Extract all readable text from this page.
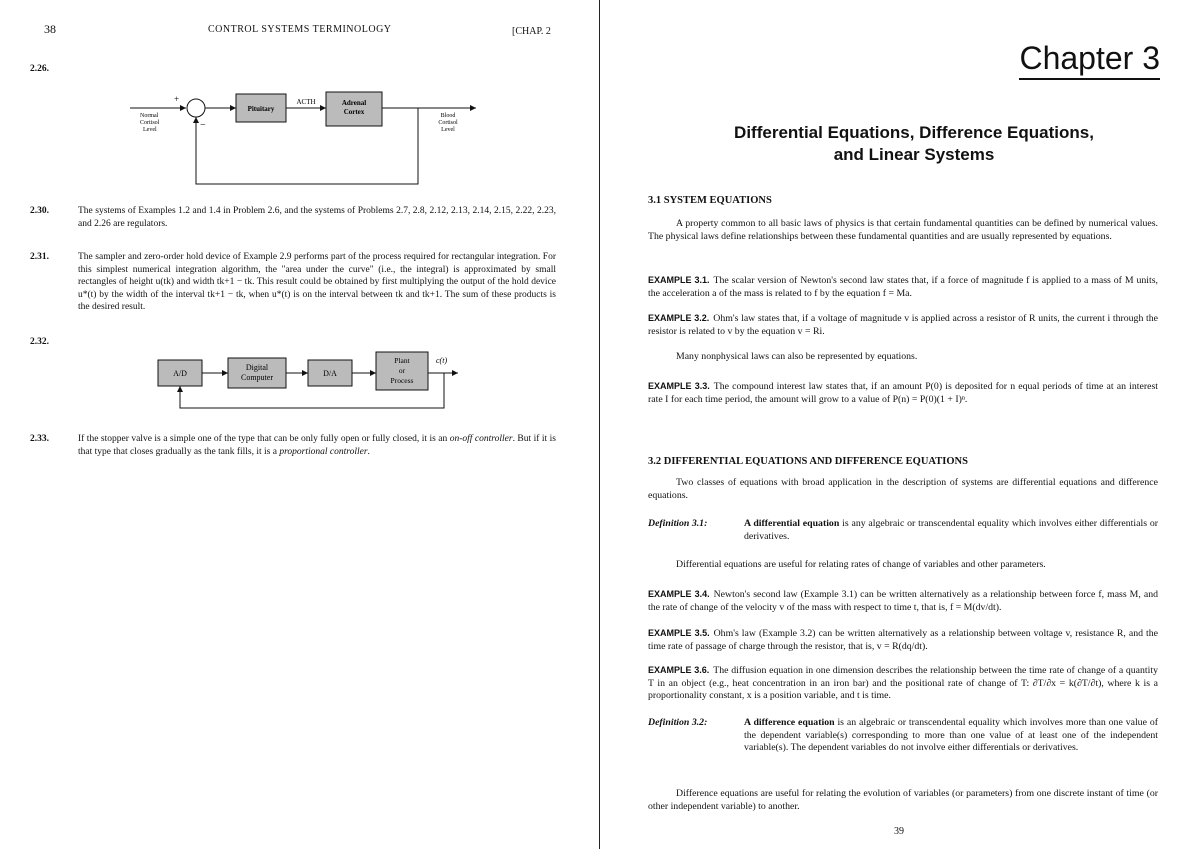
38	CONTROL SYSTEMS TERMINOLOGY	[CHAP. 2
2.26.
Normal
Cortisol
Level
+
−
Pituitary
ACTH	Adrenal
Cortex	Blood
Cortisol
Level
2.30.	The systems of Examples 1.2 and 1.4 in Problem 2.6, and the systems of Problems 2.7, 2.8, 2.12, 2.13, 2.14, 2.15, 2.22, 2.23, and 2.26 are regulators.

2.31.	The sampler and zero-order hold device of Example 2.9 performs part of the process required for rectangular integration. For this simplest numerical integration algorithm, the "area under the curve" (i.e., the integral) is approximated by small rectangles of height u(tk) and width tk+1 − tk. This result could be obtained by first multiplying the output of the hold device u*(t) by the width of the interval tk+1 − tk, when u*(t) is on the interval between tk and tk+1. The sum of these products is the desired result.

2.32.
A/D
Digital
Computer	D/A
Plant
or
Process
c(t)
2.33.	If the stopper valve is a simple one of the type that can be only fully open or fully closed, it is an on-off controller. But if it is that type that closes gradually as the tank fills, it is a proportional controller.

Chapter 3
Differential Equations, Difference Equations,
and Linear Systems
3.1 SYSTEM EQUATIONS

A property common to all basic laws of physics is that certain fundamental quantities can be defined by numerical values. The physical laws define relationships between these fundamental quantities and are usually represented by equations.

EXAMPLE 3.1. The scalar version of Newton's second law states that, if a force of magnitude f is applied to a mass of M units, the acceleration a of the mass is related to f by the equation f = Ma.

EXAMPLE 3.2. Ohm's law states that, if a voltage of magnitude v is applied across a resistor of R units, the current i through the resistor is related to v by the equation v = Ri.

Many nonphysical laws can also be represented by equations.

EXAMPLE 3.3. The compound interest law states that, if an amount P(0) is deposited for n equal periods of time at an interest rate I for each time period, the amount will grow to a value of P(n) = P(0)(1 + I)ⁿ.

3.2 DIFFERENTIAL EQUATIONS AND DIFFERENCE EQUATIONS

Two classes of equations with broad application in the description of systems are differential equations and difference equations.

Definition 3.1:	A differential equation is any algebraic or transcendental equality which involves either differentials or derivatives.

Differential equations are useful for relating rates of change of variables and other parameters.

EXAMPLE 3.4. Newton's second law (Example 3.1) can be written alternatively as a relationship between force f, mass M, and the rate of change of the velocity v of the mass with respect to time t, that is, f = M(dv/dt).

EXAMPLE 3.5. Ohm's law (Example 3.2) can be written alternatively as a relationship between voltage v, resistance R, and the time rate of passage of charge through the resistor, that is, v = R(dq/dt).

EXAMPLE 3.6. The diffusion equation in one dimension describes the relationship between the time rate of change of a quantity T in an object (e.g., heat concentration in an iron bar) and the positional rate of change of T: ∂T/∂x = k(∂T/∂t), where k is a proportionality constant, x is a position variable, and t is time.

Definition 3.2:	A difference equation is an algebraic or transcendental equality which involves more than one value of the dependent variable(s) corresponding to more than one value of at least one of the independent variable(s). The dependent variables do not involve either differentials or derivatives.

Difference equations are useful for relating the evolution of variables (or parameters) from one discrete instant of time (or other independent variable) to another.

39
